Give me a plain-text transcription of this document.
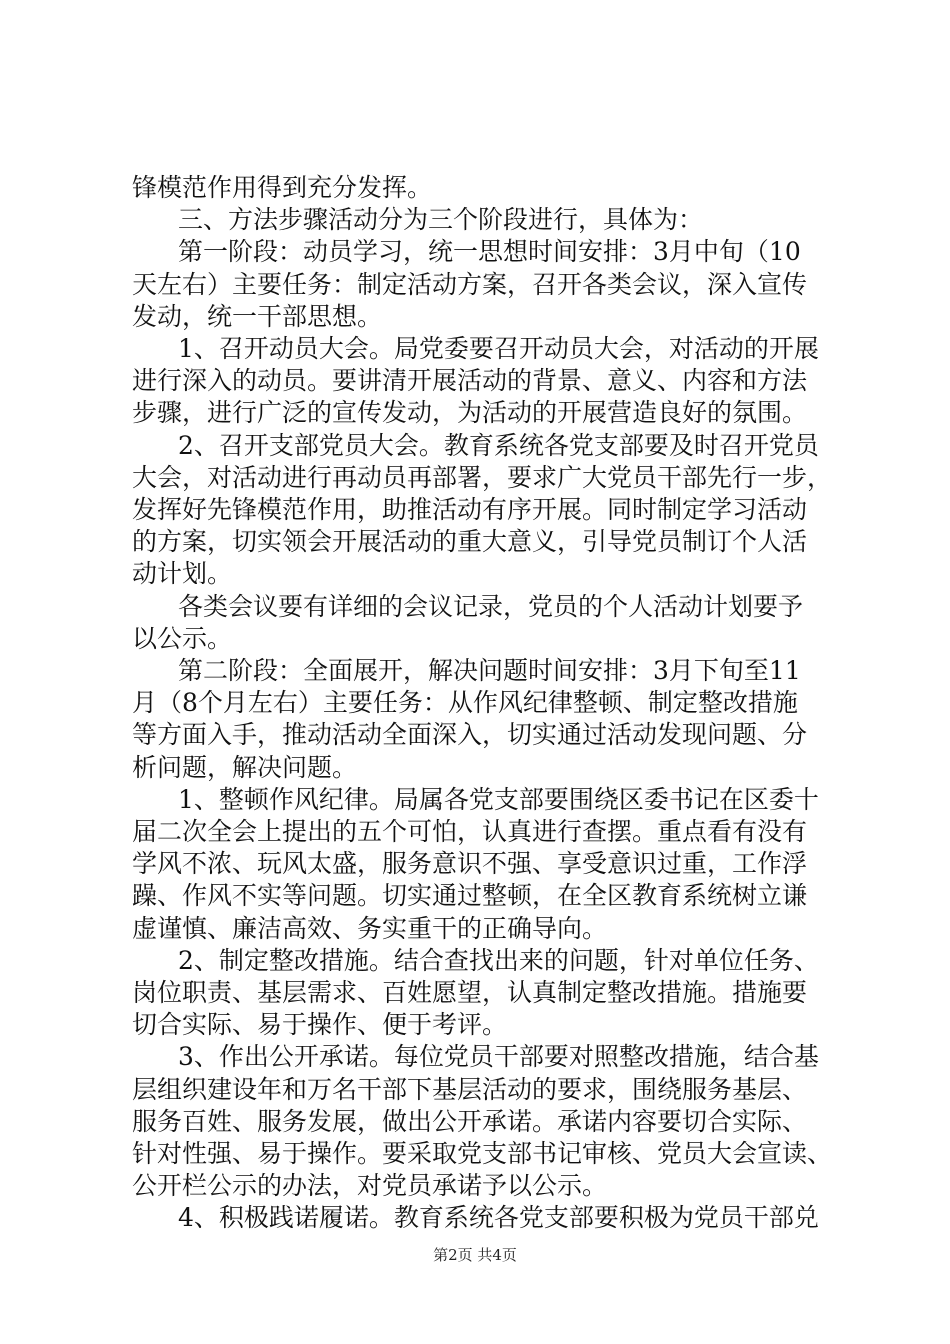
锋模范作用得到充分发挥。
三、方法步骤活动分为三个阶段进行，具体为：
第一阶段：动员学习，统一思想时间安排：3月中旬（10
天左右）主要任务：制定活动方案，召开各类会议，深入宣传
发动，统一干部思想。
1、召开动员大会。局党委要召开动员大会，对活动的开展
进行深入的动员。要讲清开展活动的背景、意义、内容和方法
步骤，进行广泛的宣传发动，为活动的开展营造良好的氛围。
2、召开支部党员大会。教育系统各党支部要及时召开党员
大会，对活动进行再动员再部署，要求广大党员干部先行一步，
发挥好先锋模范作用，助推活动有序开展。同时制定学习活动
的方案，切实领会开展活动的重大意义，引导党员制订个人活
动计划。
各类会议要有详细的会议记录，党员的个人活动计划要予
以公示。
第二阶段：全面展开，解决问题时间安排：3月下旬至11
月（8个月左右）主要任务：从作风纪律整顿、制定整改措施
等方面入手，推动活动全面深入，切实通过活动发现问题、分
析问题，解决问题。
1、整顿作风纪律。局属各党支部要围绕区委书记在区委十
届二次全会上提出的五个可怕，认真进行查摆。重点看有没有
学风不浓、玩风太盛，服务意识不强、享受意识过重，工作浮
躁、作风不实等问题。切实通过整顿，在全区教育系统树立谦
虚谨慎、廉洁高效、务实重干的正确导向。
2、制定整改措施。结合查找出来的问题，针对单位任务、
岗位职责、基层需求、百姓愿望，认真制定整改措施。措施要
切合实际、易于操作、便于考评。
3、作出公开承诺。每位党员干部要对照整改措施，结合基
层组织建设年和万名干部下基层活动的要求，围绕服务基层、
服务百姓、服务发展，做出公开承诺。承诺内容要切合实际、
针对性强、易于操作。要采取党支部书记审核、党员大会宣读、
公开栏公示的办法，对党员承诺予以公示。
4、积极践诺履诺。教育系统各党支部要积极为党员干部兑
第2页 共4页
